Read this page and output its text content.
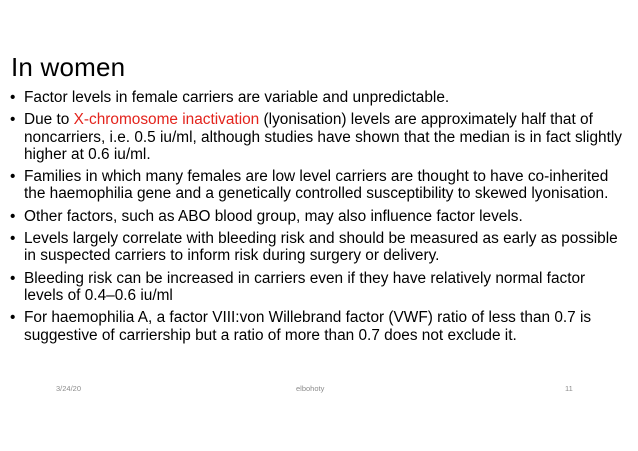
In women
• Factor levels in female carriers are variable and unpredictable.
• Due to X-chromosome inactivation (lyonisation) levels are approximately half that of noncarriers, i.e. 0.5 iu/ml, although studies have shown that the median is in fact slightly higher at 0.6 iu/ml.
• Families in which many females are low level carriers are thought to have co-inherited the haemophilia gene and a genetically controlled susceptibility to skewed lyonisation.
• Other factors, such as ABO blood group, may also influence factor levels.
• Levels largely correlate with bleeding risk and should be measured as early as possible in suspected carriers to inform risk during surgery or delivery.
• Bleeding risk can be increased in carriers even if they have relatively normal factor levels of 0.4–0.6 iu/ml
• For haemophilia A, a factor VIII:von Willebrand factor (VWF) ratio of less than 0.7 is suggestive of carriership but a ratio of more than 0.7 does not exclude it.
3/24/20	elbohoty	11
